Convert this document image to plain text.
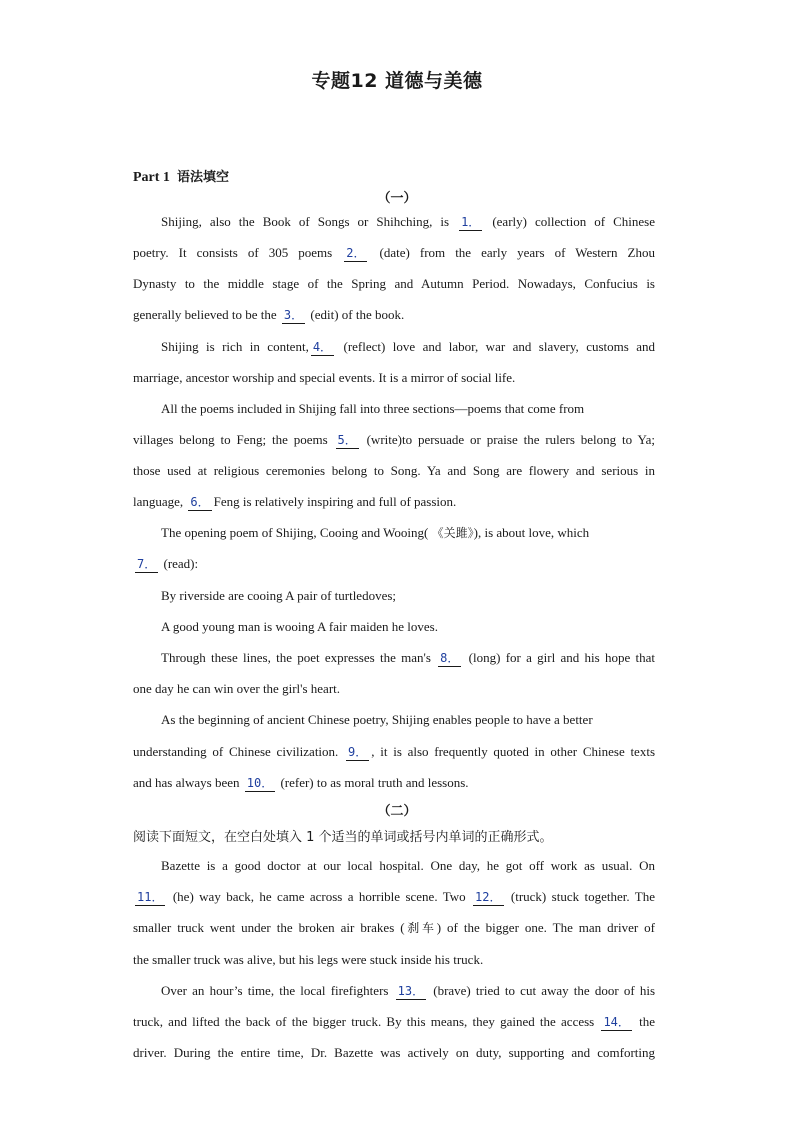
专题12 道德与美德
Part 1 语法填空
（一）
Shijing, also the Book of Songs or Shihching, is 1． (early) collection of Chinese
poetry. It consists of 305 poems 2． (date) from the early years of Western Zhou
Dynasty to the middle stage of the Spring and Autumn Period. Nowadays, Confucius is
generally believed to be the 3． (edit) of the book.
Shijing is rich in content, 4． (reflect) love and labor, war and slavery, customs and
marriage, ancestor worship and special events. It is a mirror of social life.
All the poems included in Shijing fall into three sections—poems that come from
villages belong to Feng; the poems 5． (write)to persuade or praise the rulers belong to Ya;
those used at religious ceremonies belong to Song. Ya and Song are flowery and serious in
language, 6． Feng is relatively inspiring and full of passion.
The opening poem of Shijing, Cooing and Wooing( 《关雎》), is about love, which
7． (read):
By riverside are cooing A pair of turtledoves;
A good young man is wooing A fair maiden he loves.
Through these lines, the poet expresses the man's 8． (long) for a girl and his hope that
one day he can win over the girl's heart.
As the beginning of ancient Chinese poetry, Shijing enables people to have a better
understanding of Chinese civilization. 9． , it is also frequently quoted in other Chinese texts
and has always been 10． (refer) to as moral truth and lessons.
（二）
阅读下面短文，在空白处填入 1 个适当的单词或括号内单词的正确形式。
Bazette is a good doctor at our local hospital. One day, he got off work as usual. On
11． (he) way back, he came across a horrible scene. Two 12． (truck) stuck together. The
smaller truck went under the broken air brakes (刹车) of the bigger one. The man driver of
the smaller truck was alive, but his legs were stuck inside his truck.
Over an hour’s time, the local firefighters 13． (brave) tried to cut away the door of his
truck, and lifted the back of the bigger truck. By this means, they gained the access 14． the
driver. During the entire time, Dr. Bazette was actively on duty, supporting and comforting
